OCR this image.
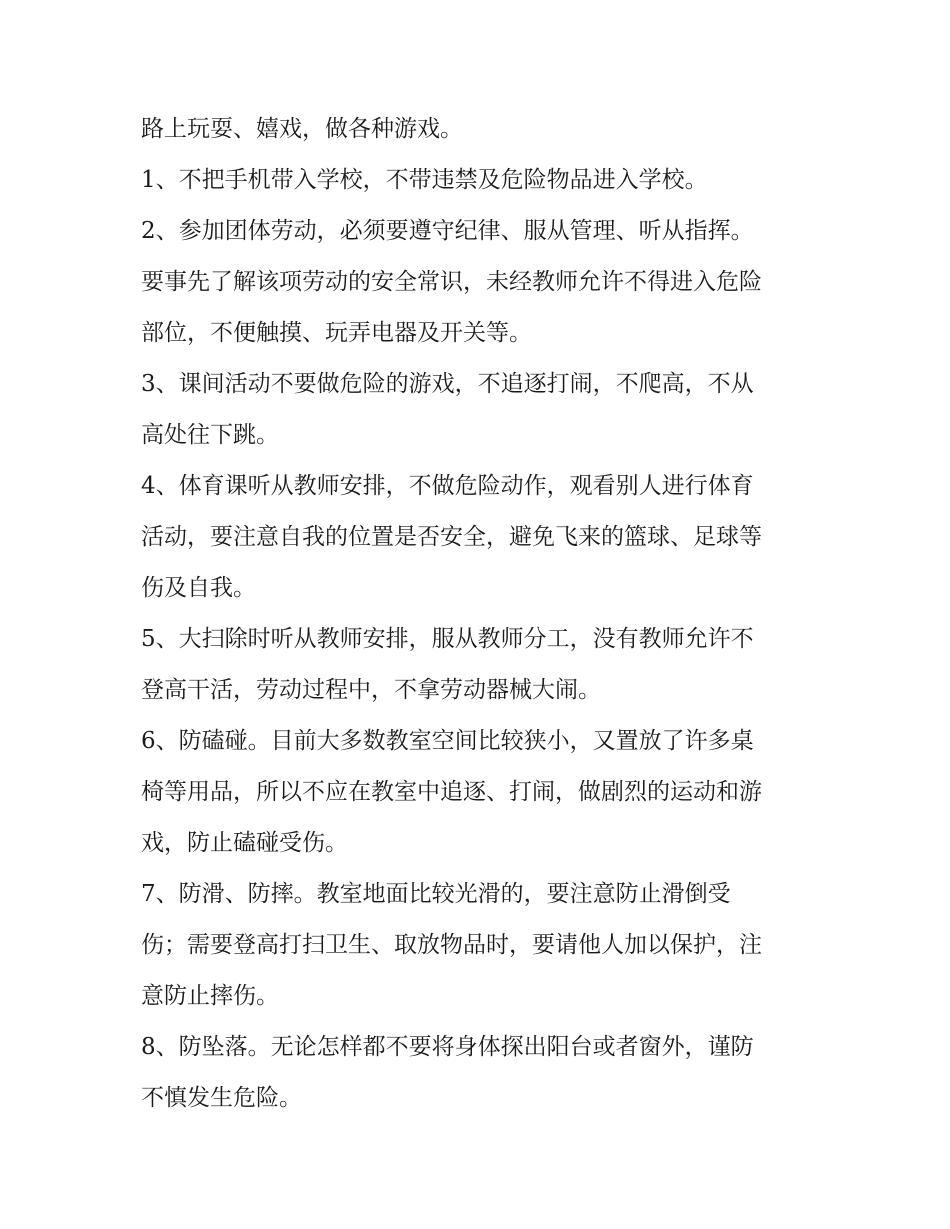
路上玩耍、嬉戏，做各种游戏。
1、不把手机带入学校，不带违禁及危险物品进入学校。
2、参加团体劳动，必须要遵守纪律、服从管理、听从指挥。
要事先了解该项劳动的安全常识，未经教师允许不得进入危险
部位，不便触摸、玩弄电器及开关等。
3、课间活动不要做危险的游戏，不追逐打闹，不爬高，不从
高处往下跳。
4、体育课听从教师安排，不做危险动作，观看别人进行体育
活动，要注意自我的位置是否安全，避免飞来的篮球、足球等
伤及自我。
5、大扫除时听从教师安排，服从教师分工，没有教师允许不
登高干活，劳动过程中，不拿劳动器械大闹。
6、防磕碰。目前大多数教室空间比较狭小，又置放了许多桌
椅等用品，所以不应在教室中追逐、打闹，做剧烈的运动和游
戏，防止磕碰受伤。
7、防滑、防摔。教室地面比较光滑的，要注意防止滑倒受
伤；需要登高打扫卫生、取放物品时，要请他人加以保护，注
意防止摔伤。
8、防坠落。无论怎样都不要将身体探出阳台或者窗外，谨防
不慎发生危险。
